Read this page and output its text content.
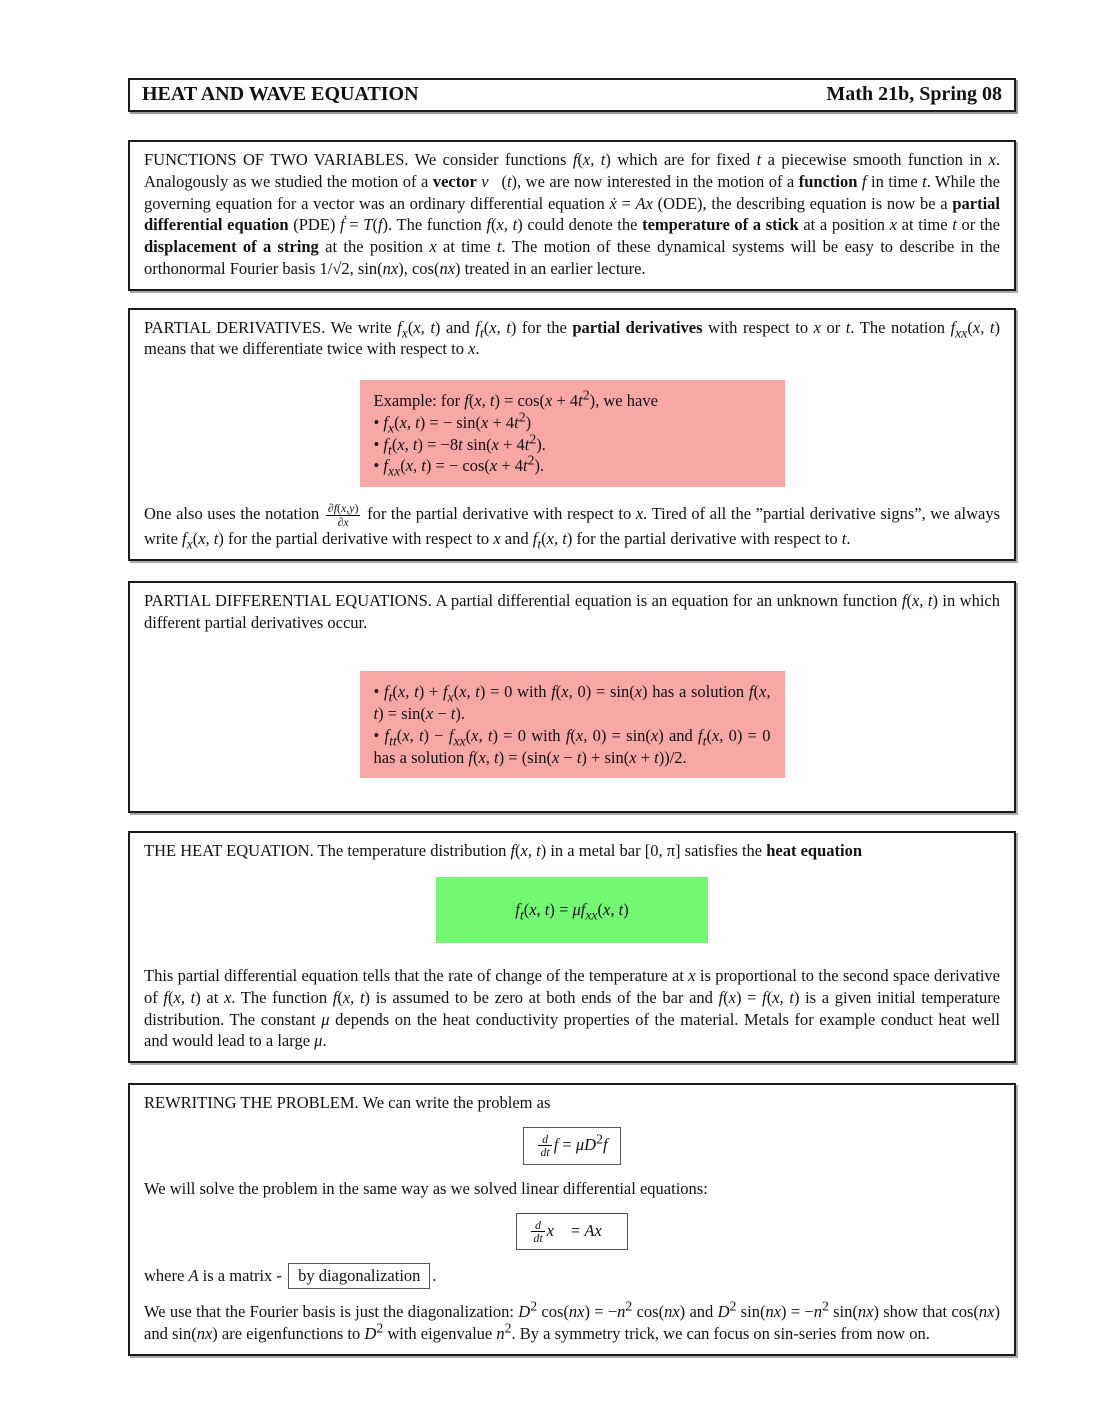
HEAT AND WAVE EQUATION	Math 21b, Spring 08

FUNCTIONS OF TWO VARIABLES. We consider functions f(x, t) which are for fixed t a piecewise smooth function in x. Analogously as we studied the motion of a vector v⃗(t), we are now interested in the motion of a function f in time t. While the governing equation for a vector was an ordinary differential equation ẋ = Ax (ODE), the describing equation is now be a partial differential equation (PDE) ḟ = T(f). The function f(x, t) could denote the temperature of a stick at a position x at time t or the displacement of a string at the position x at time t. The motion of these dynamical systems will be easy to describe in the orthonormal Fourier basis 1/√2, sin(nx), cos(nx) treated in an earlier lecture.

PARTIAL DERIVATIVES. We write $f_x(x$, t) and $f_t(x$, t) for the partial derivatives with respect to x or t. The notation $f_{xx}(x$, t) means that we differentiate twice with respect to x.

Example: for f(x, $t) = \cos(x + 4t^2)$, we have

• $f_x(x$, t) = − $\sin(x + 4t^2)$

• $f_t(x$, t) = −8t $\sin(x + 4t^2)$.

• $f_{xx}(x$, t) = − $\cos(x + 4t^2)$.

One also uses the notation $\frac{\partial f(x,y)}{\partial x}$ for the partial derivative with respect to x. Tired of all the ”partial derivative signs”, we always write $f_x(x$, t) for the partial derivative with respect to x and $f_t(x$, t) for the partial derivative with respect to t.

PARTIAL DIFFERENTIAL EQUATIONS. A partial differential equation is an equation for an unknown function f(x, t) in which different partial derivatives occur.

• $f_t(x$, $t) + f_x(x$, t) = 0 with f(x, 0) = sin(x) has a solution f(x, t) = sin(x − t).

• $f_{tt}(x$, $t) - f_{xx}(x$, t) = 0 with f(x, 0) = sin(x) and $f_t(x$, 0) = 0 has a solution f(x, t) = (sin(x − t) + sin(x + t))/2.

THE HEAT EQUATION. The temperature distribution f(x, t) in a metal bar [0, π] satisfies the heat equation

$f_t(x$, $t) = \mu f_{xx}(x$, t)

This partial differential equation tells that the rate of change of the temperature at x is proportional to the second space derivative of f(x, t) at x. The function f(x, t) is assumed to be zero at both ends of the bar and f(x) = f(x, t) is a given initial temperature distribution. The constant μ depends on the heat conductivity properties of the material. Metals for example conduct heat well and would lead to a large μ.

REWRITING THE PROBLEM. We can write the problem as

$\frac{d}{dt}$ $f = \mu D^2f$

We will solve the problem in the same way as we solved linear differential equations:

$\frac{d}{dt}$ x⃗ = Ax⃗

where A is a matrix - by diagonalization .

We use that the Fourier basis is just the diagonalization: $D^2$ $\cos(nx) = -n^2$ cos(nx) and $D^2$ $\sin(nx) = -n^2$ sin(nx) show that cos(nx) and sin(nx) are eigenfunctions to $D^2$ with eigenvalue $n^2$. By a symmetry trick, we can focus on sin-series from now on.
